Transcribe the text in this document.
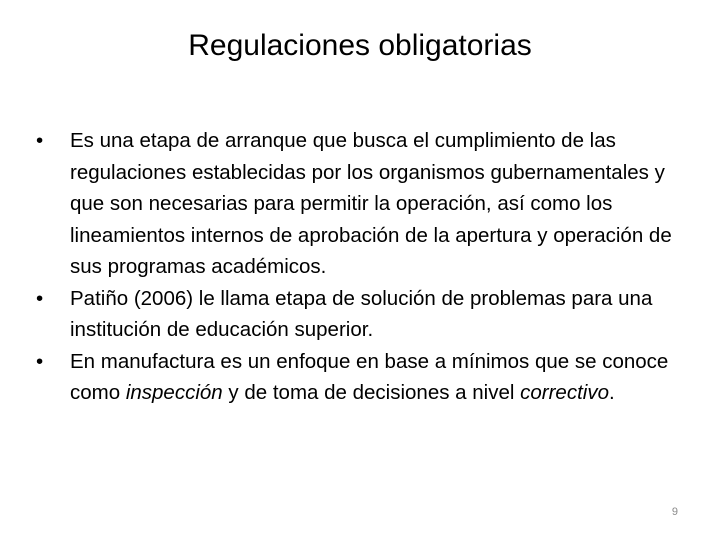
Regulaciones obligatorias
•	Es una etapa de arranque que busca el cumplimiento de las regulaciones establecidas por los organismos gubernamentales y que son necesarias para permitir la operación, así como los lineamientos internos de aprobación de la apertura y operación de sus programas académicos.
•	Patiño (2006) le llama etapa de solución de problemas para una institución de educación superior.
•	En manufactura es un enfoque en base a mínimos que se conoce como inspección y de toma de decisiones a nivel correctivo.
9
